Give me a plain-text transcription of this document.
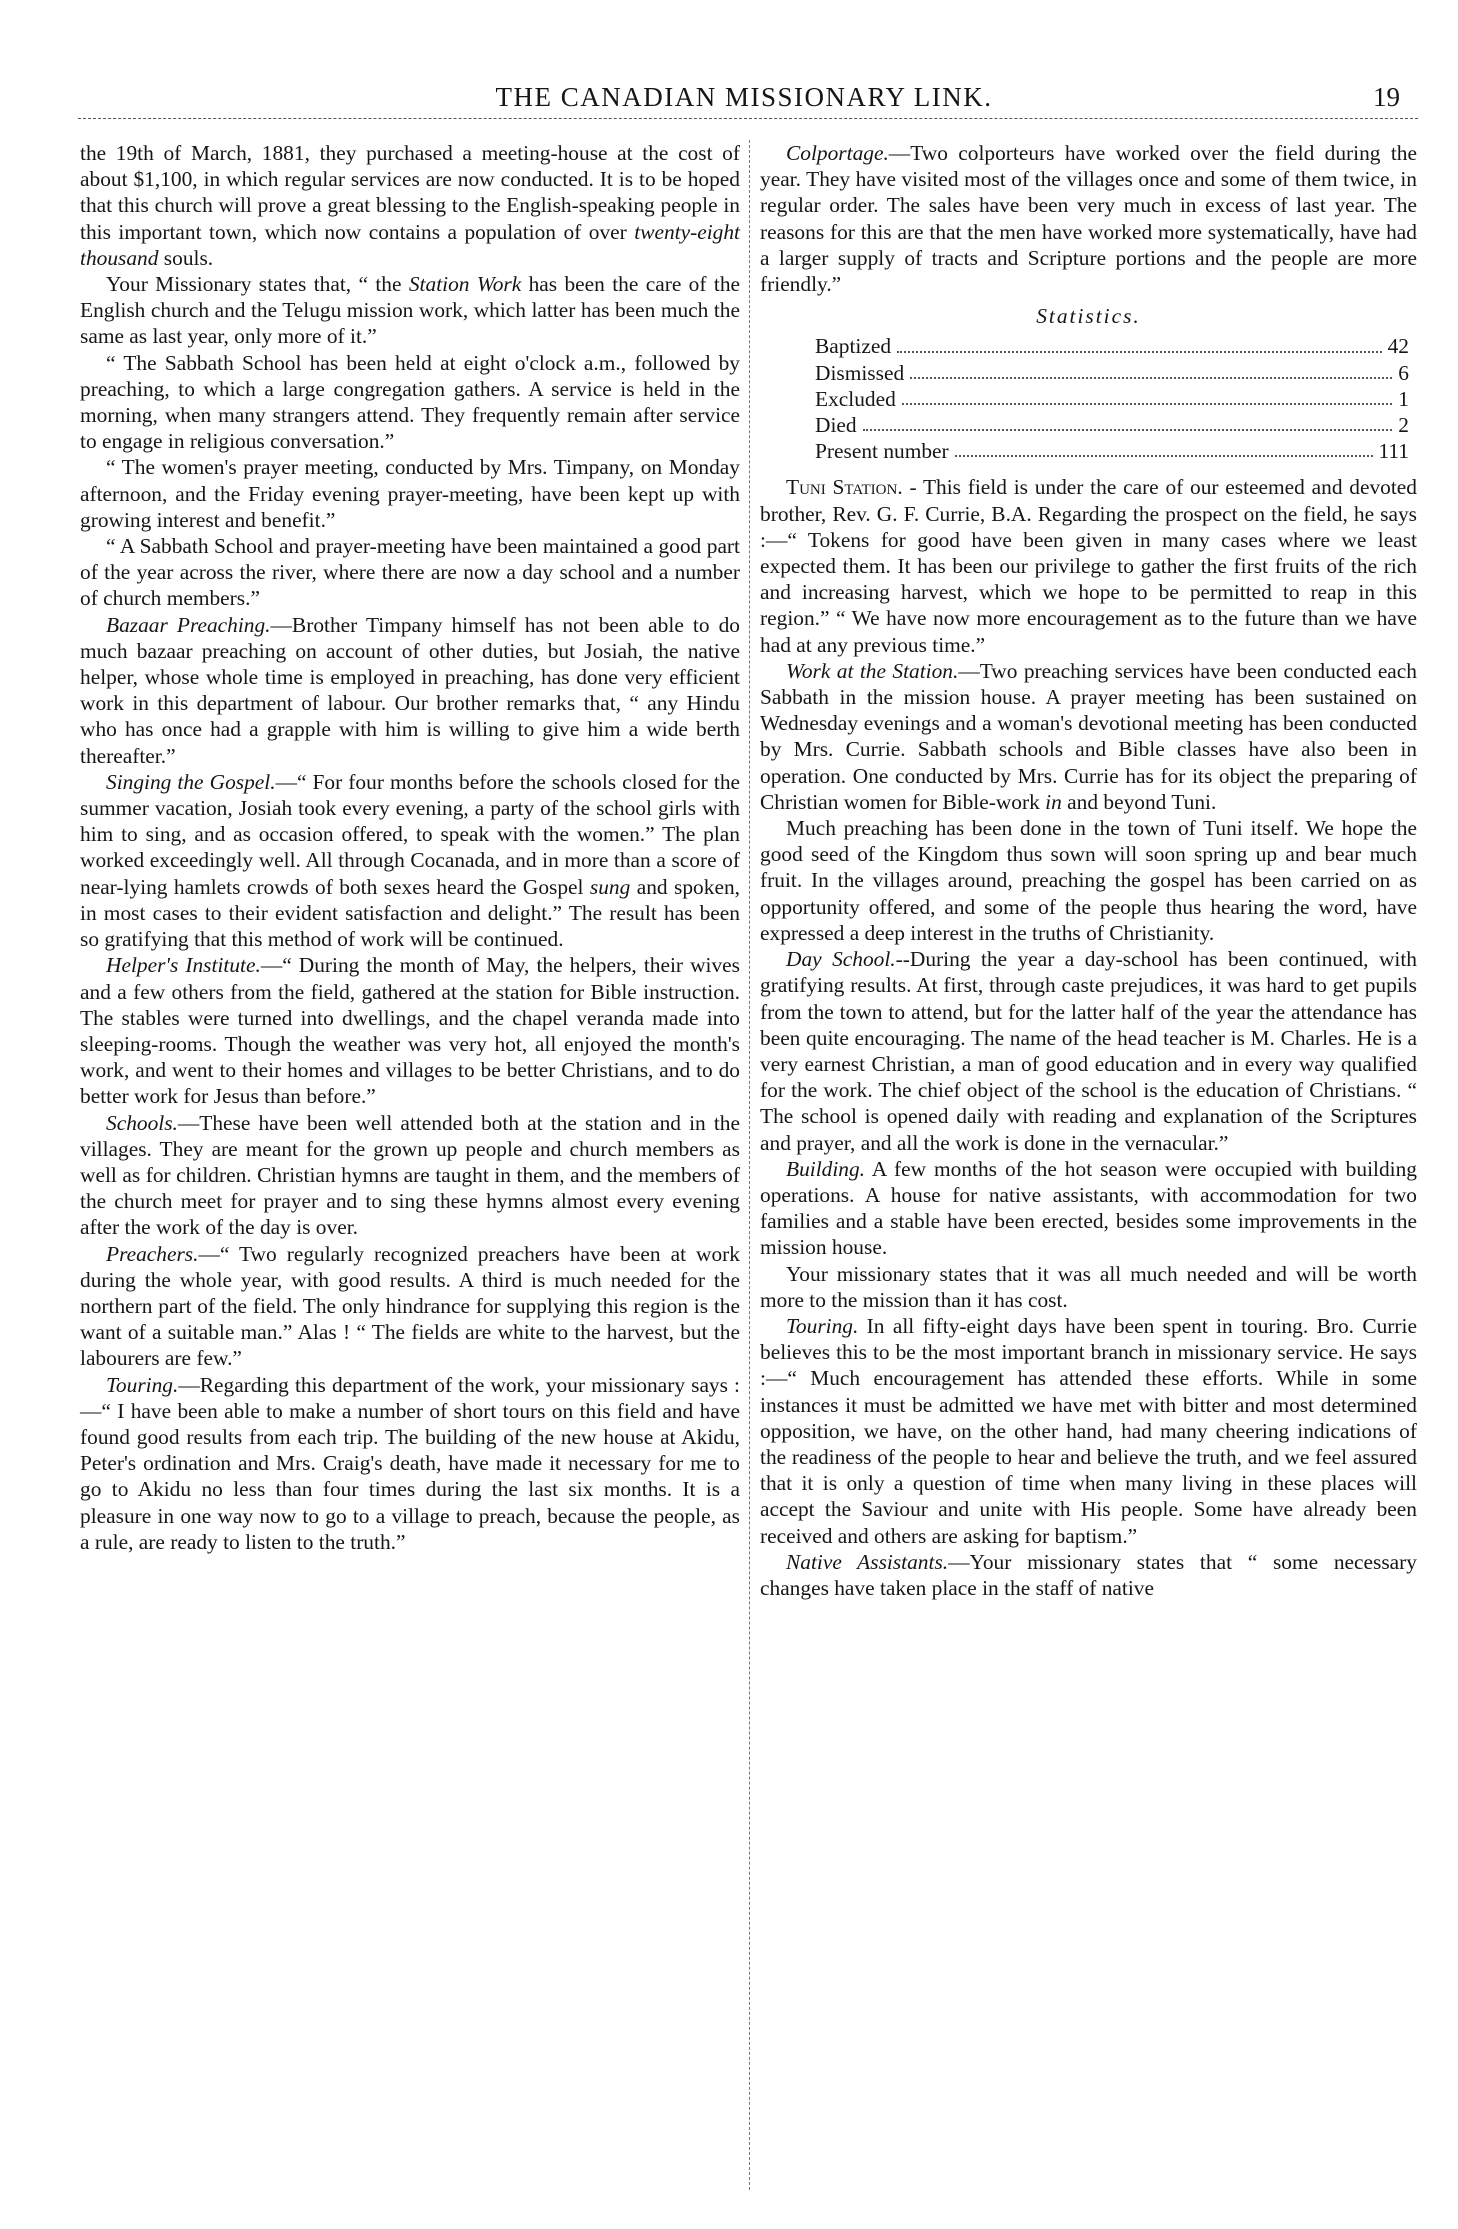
THE CANADIAN MISSIONARY LINK.	19

the 19th of March, 1881, they purchased a meeting-house at the cost of about $1,100, in which regular services are now conducted. It is to be hoped that this church will prove a great blessing to the English-speaking people in this important town, which now contains a population of over twenty-eight thousand souls.

Your Missionary states that, “ the Station Work has been the care of the English church and the Telugu mission work, which latter has been much the same as last year, only more of it.”

“ The Sabbath School has been held at eight o'clock a.m., followed by preaching, to which a large congregation gathers. A service is held in the morning, when many strangers attend. They frequently remain after service to engage in religious conversation.”

“ The women's prayer meeting, conducted by Mrs. Timpany, on Monday afternoon, and the Friday evening prayer-meeting, have been kept up with growing interest and benefit.”

“ A Sabbath School and prayer-meeting have been maintained a good part of the year across the river, where there are now a day school and a number of church members.”

Bazaar Preaching.—Brother Timpany himself has not been able to do much bazaar preaching on account of other duties, but Josiah, the native helper, whose whole time is employed in preaching, has done very efficient work in this department of labour. Our brother remarks that, “ any Hindu who has once had a grapple with him is willing to give him a wide berth thereafter.”

Singing the Gospel.—“ For four months before the schools closed for the summer vacation, Josiah took every evening, a party of the school girls with him to sing, and as occasion offered, to speak with the women.” The plan worked exceedingly well. All through Cocanada, and in more than a score of near-lying hamlets crowds of both sexes heard the Gospel sung and spoken, in most cases to their evident satisfaction and delight.” The result has been so gratifying that this method of work will be continued.

Helper's Institute.—“ During the month of May, the helpers, their wives and a few others from the field, gathered at the station for Bible instruction. The stables were turned into dwellings, and the chapel veranda made into sleeping-rooms. Though the weather was very hot, all enjoyed the month's work, and went to their homes and villages to be better Christians, and to do better work for Jesus than before.”

Schools.—These have been well attended both at the station and in the villages. They are meant for the grown up people and church members as well as for children. Christian hymns are taught in them, and the members of the church meet for prayer and to sing these hymns almost every evening after the work of the day is over.

Preachers.—“ Two regularly recognized preachers have been at work during the whole year, with good results. A third is much needed for the northern part of the field. The only hindrance for supplying this region is the want of a suitable man.” Alas ! “ The fields are white to the harvest, but the labourers are few.”

Touring.—Regarding this department of the work, your missionary says :—“ I have been able to make a number of short tours on this field and have found good results from each trip. The building of the new house at Akidu, Peter's ordination and Mrs. Craig's death, have made it necessary for me to go to Akidu no less than four times during the last six months. It is a pleasure in one way now to go to a village to preach, because the people, as a rule, are ready to listen to the truth.”

Colportage.—Two colporteurs have worked over the field during the year. They have visited most of the villages once and some of them twice, in regular order. The sales have been very much in excess of last year. The reasons for this are that the men have worked more systematically, have had a larger supply of tracts and Scripture portions and the people are more friendly.”

Statistics.
Baptized	42
Dismissed	6
Excluded	1
Died	2
Present number	111

Tuni Station. - This field is under the care of our esteemed and devoted brother, Rev. G. F. Currie, B.A. Regarding the prospect on the field, he says :—“ Tokens for good have been given in many cases where we least expected them. It has been our privilege to gather the first fruits of the rich and increasing harvest, which we hope to be permitted to reap in this region.” “ We have now more encouragement as to the future than we have had at any previous time.”

Work at the Station.—Two preaching services have been conducted each Sabbath in the mission house. A prayer meeting has been sustained on Wednesday evenings and a woman's devotional meeting has been conducted by Mrs. Currie. Sabbath schools and Bible classes have also been in operation. One conducted by Mrs. Currie has for its object the preparing of Christian women for Bible-work in and beyond Tuni.

Much preaching has been done in the town of Tuni itself. We hope the good seed of the Kingdom thus sown will soon spring up and bear much fruit. In the villages around, preaching the gospel has been carried on as opportunity offered, and some of the people thus hearing the word, have expressed a deep interest in the truths of Christianity.

Day School.--During the year a day-school has been continued, with gratifying results. At first, through caste prejudices, it was hard to get pupils from the town to attend, but for the latter half of the year the attendance has been quite encouraging. The name of the head teacher is M. Charles. He is a very earnest Christian, a man of good education and in every way qualified for the work. The chief object of the school is the education of Christians. “ The school is opened daily with reading and explanation of the Scriptures and prayer, and all the work is done in the vernacular.”

Building. A few months of the hot season were occupied with building operations. A house for native assistants, with accommodation for two families and a stable have been erected, besides some improvements in the mission house.

Your missionary states that it was all much needed and will be worth more to the mission than it has cost.

Touring. In all fifty-eight days have been spent in touring. Bro. Currie believes this to be the most important branch in missionary service. He says :—“ Much encouragement has attended these efforts. While in some instances it must be admitted we have met with bitter and most determined opposition, we have, on the other hand, had many cheering indications of the readiness of the people to hear and believe the truth, and we feel assured that it is only a question of time when many living in these places will accept the Saviour and unite with His people. Some have already been received and others are asking for baptism.”

Native Assistants.—Your missionary states that “ some necessary changes have taken place in the staff of native
